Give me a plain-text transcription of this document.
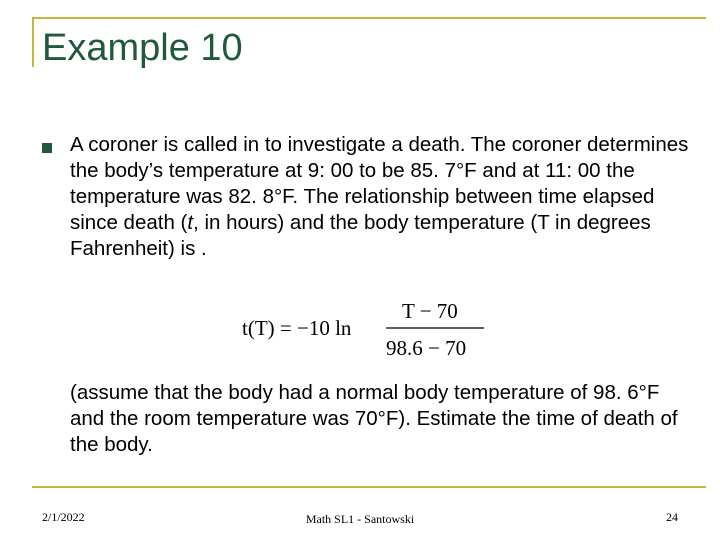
Example 10

A coroner is called in to investigate a death. The coroner determines the body’s temperature at 9: 00 to be 85. 7°F and at 11: 00 the temperature was 82. 8°F. The relationship between time elapsed since death (t, in hours) and the body temperature (T in degrees Fahrenheit) is .

t(T) = −10 ln
T − 70
98.6 − 70

(assume that the body had a normal body temperature of 98. 6°F and the room temperature was 70°F). Estimate the time of death of the body.

2/1/2022	Math SL1 - Santowski	24
